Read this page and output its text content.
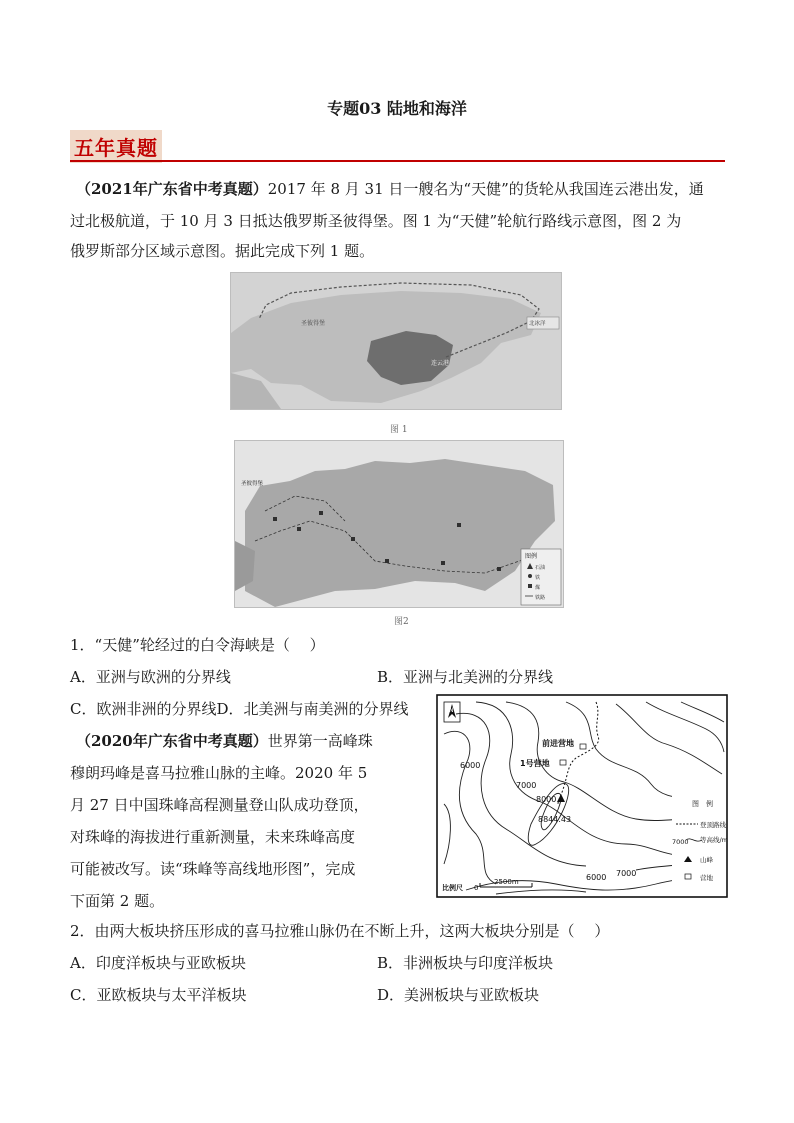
专题03 陆地和海洋
五年真题
（2021年广东省中考真题）2017 年 8 月 31 日一艘名为“天健”的货轮从我国连云港出发，通
过北极航道，于 10 月 3 日抵达俄罗斯圣彼得堡。图 1 为“天健”轮航行路线示意图，图 2 为
俄罗斯部分区域示意图。据此完成下列 1 题。
圣彼得堡
连云港
北冰洋
图 1
圣彼得堡
图例
石油
铁
煤
铁路
图2
1．“天健”轮经过的白令海峡是（　 ）
A．亚洲与欧洲的分界线	B．亚洲与北美洲的分界线
C．欧洲非洲的分界线D．北美洲与南美洲的分界线
（2020年广东省中考真题）世界第一高峰珠
穆朗玛峰是喜马拉雅山脉的主峰。2020 年 5
月 27 日中国珠峰高程测量登山队成功登顶，
对珠峰的海拔进行重新测量，未来珠峰高度
可能被改写。读“珠峰等高线地形图”，完成
下面第 2 题。
N
前进营地
1号营地
6000
7000
8000
8844.43
6000 7000
图　例
登顶路线
7000 等高线/m
山峰
营地
比例尺 0
2500m
2．由两大板块挤压形成的喜马拉雅山脉仍在不断上升，这两大板块分别是（　 ）
A．印度洋板块与亚欧板块	B．非洲板块与印度洋板块
C．亚欧板块与太平洋板块	D．美洲板块与亚欧板块
